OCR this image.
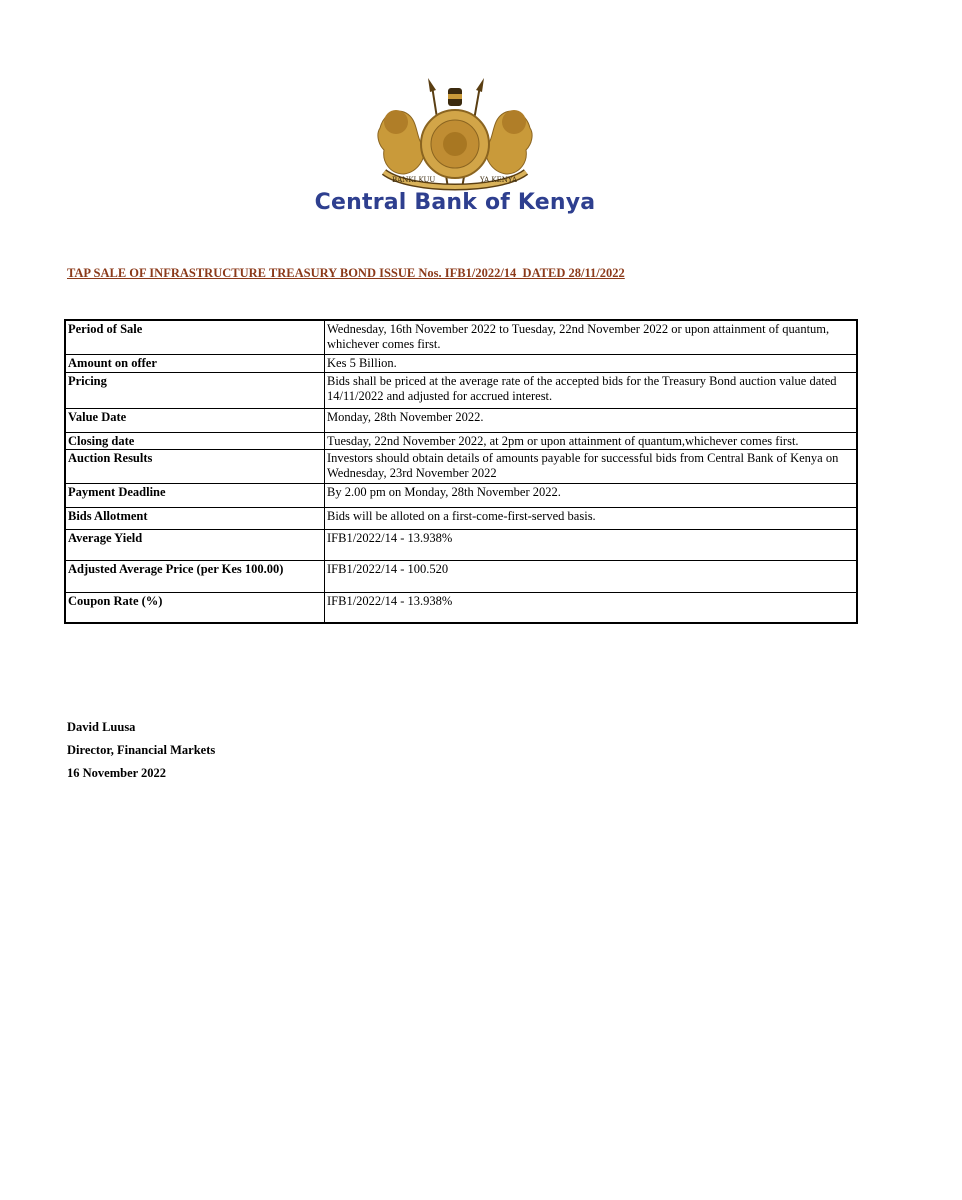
BANKI KUU	YA KENYA
Central Bank of Kenya
TAP SALE OF INFRASTRUCTURE TREASURY BOND ISSUE Nos. IFB1/2022/14  DATED 28/11/2022
Period of Sale	Wednesday, 16th November 2022 to Tuesday, 22nd November 2022 or upon attainment of quantum, whichever comes first.
Amount on offer	Kes 5 Billion.
Pricing	Bids shall be priced at the average rate of the accepted bids for the Treasury Bond auction value dated 14/11/2022 and adjusted for accrued interest.
Value Date	Monday, 28th November 2022.
Closing date	Tuesday, 22nd November 2022, at 2pm or upon attainment of quantum,whichever comes first.
Auction Results	Investors should obtain details of amounts payable for successful bids from Central Bank of Kenya on Wednesday, 23rd November 2022
Payment Deadline	By 2.00 pm on Monday, 28th November 2022.
Bids Allotment	Bids will be alloted on a first-come-first-served basis.
Average Yield	IFB1/2022/14 - 13.938%
Adjusted Average Price (per Kes 100.00)	IFB1/2022/14 - 100.520
Coupon Rate (%)	IFB1/2022/14 - 13.938%
David Luusa
Director, Financial Markets
16 November 2022
